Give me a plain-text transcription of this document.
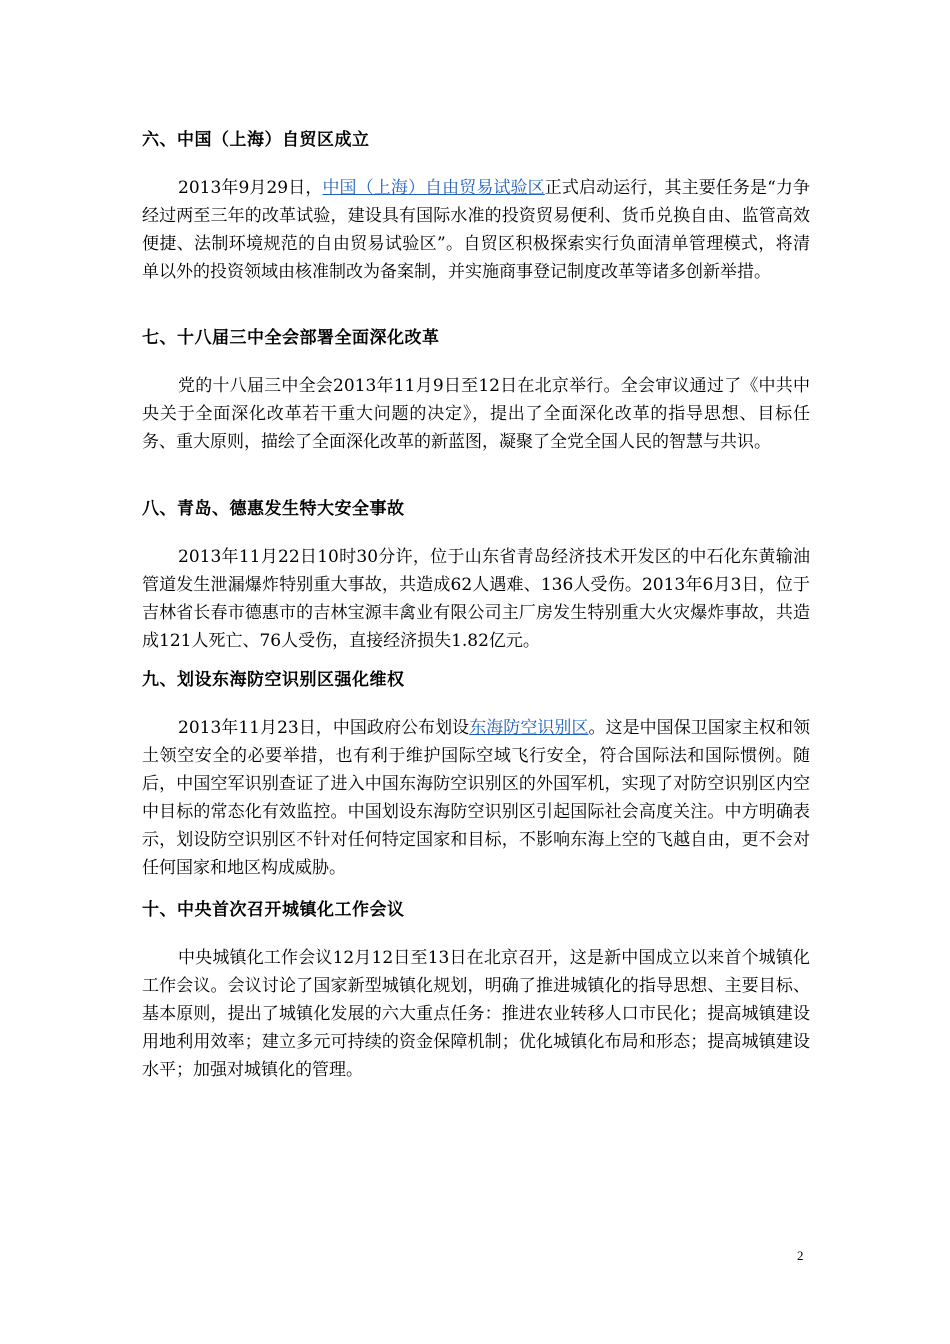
六、中国（上海）自贸区成立

2013年9月29日，中国（上海）自由贸易试验区正式启动运行，其主要任务是“力争经过两至三年的改革试验，建设具有国际水准的投资贸易便利、货币兑换自由、监管高效便捷、法制环境规范的自由贸易试验区”。自贸区积极探索实行负面清单管理模式，将清单以外的投资领域由核准制改为备案制，并实施商事登记制度改革等诸多创新举措。

七、十八届三中全会部署全面深化改革

党的十八届三中全会2013年11月9日至12日在北京举行。全会审议通过了《中共中央关于全面深化改革若干重大问题的决定》，提出了全面深化改革的指导思想、目标任务、重大原则，描绘了全面深化改革的新蓝图，凝聚了全党全国人民的智慧与共识。

八、青岛、德惠发生特大安全事故

2013年11月22日10时30分许，位于山东省青岛经济技术开发区的中石化东黄输油管道发生泄漏爆炸特别重大事故，共造成62人遇难、136人受伤。2013年6月3日，位于吉林省长春市德惠市的吉林宝源丰禽业有限公司主厂房发生特别重大火灾爆炸事故，共造成121人死亡、76人受伤，直接经济损失1.82亿元。

九、划设东海防空识别区强化维权

2013年11月23日，中国政府公布划设东海防空识别区。这是中国保卫国家主权和领土领空安全的必要举措，也有利于维护国际空域飞行安全，符合国际法和国际惯例。随后，中国空军识别查证了进入中国东海防空识别区的外国军机，实现了对防空识别区内空中目标的常态化有效监控。中国划设东海防空识别区引起国际社会高度关注。中方明确表示，划设防空识别区不针对任何特定国家和目标，不影响东海上空的飞越自由，更不会对任何国家和地区构成威胁。

十、中央首次召开城镇化工作会议

中央城镇化工作会议12月12日至13日在北京召开，这是新中国成立以来首个城镇化工作会议。会议讨论了国家新型城镇化规划，明确了推进城镇化的指导思想、主要目标、基本原则，提出了城镇化发展的六大重点任务：推进农业转移人口市民化；提高城镇建设用地利用效率；建立多元可持续的资金保障机制；优化城镇化布局和形态；提高城镇建设水平；加强对城镇化的管理。

2
